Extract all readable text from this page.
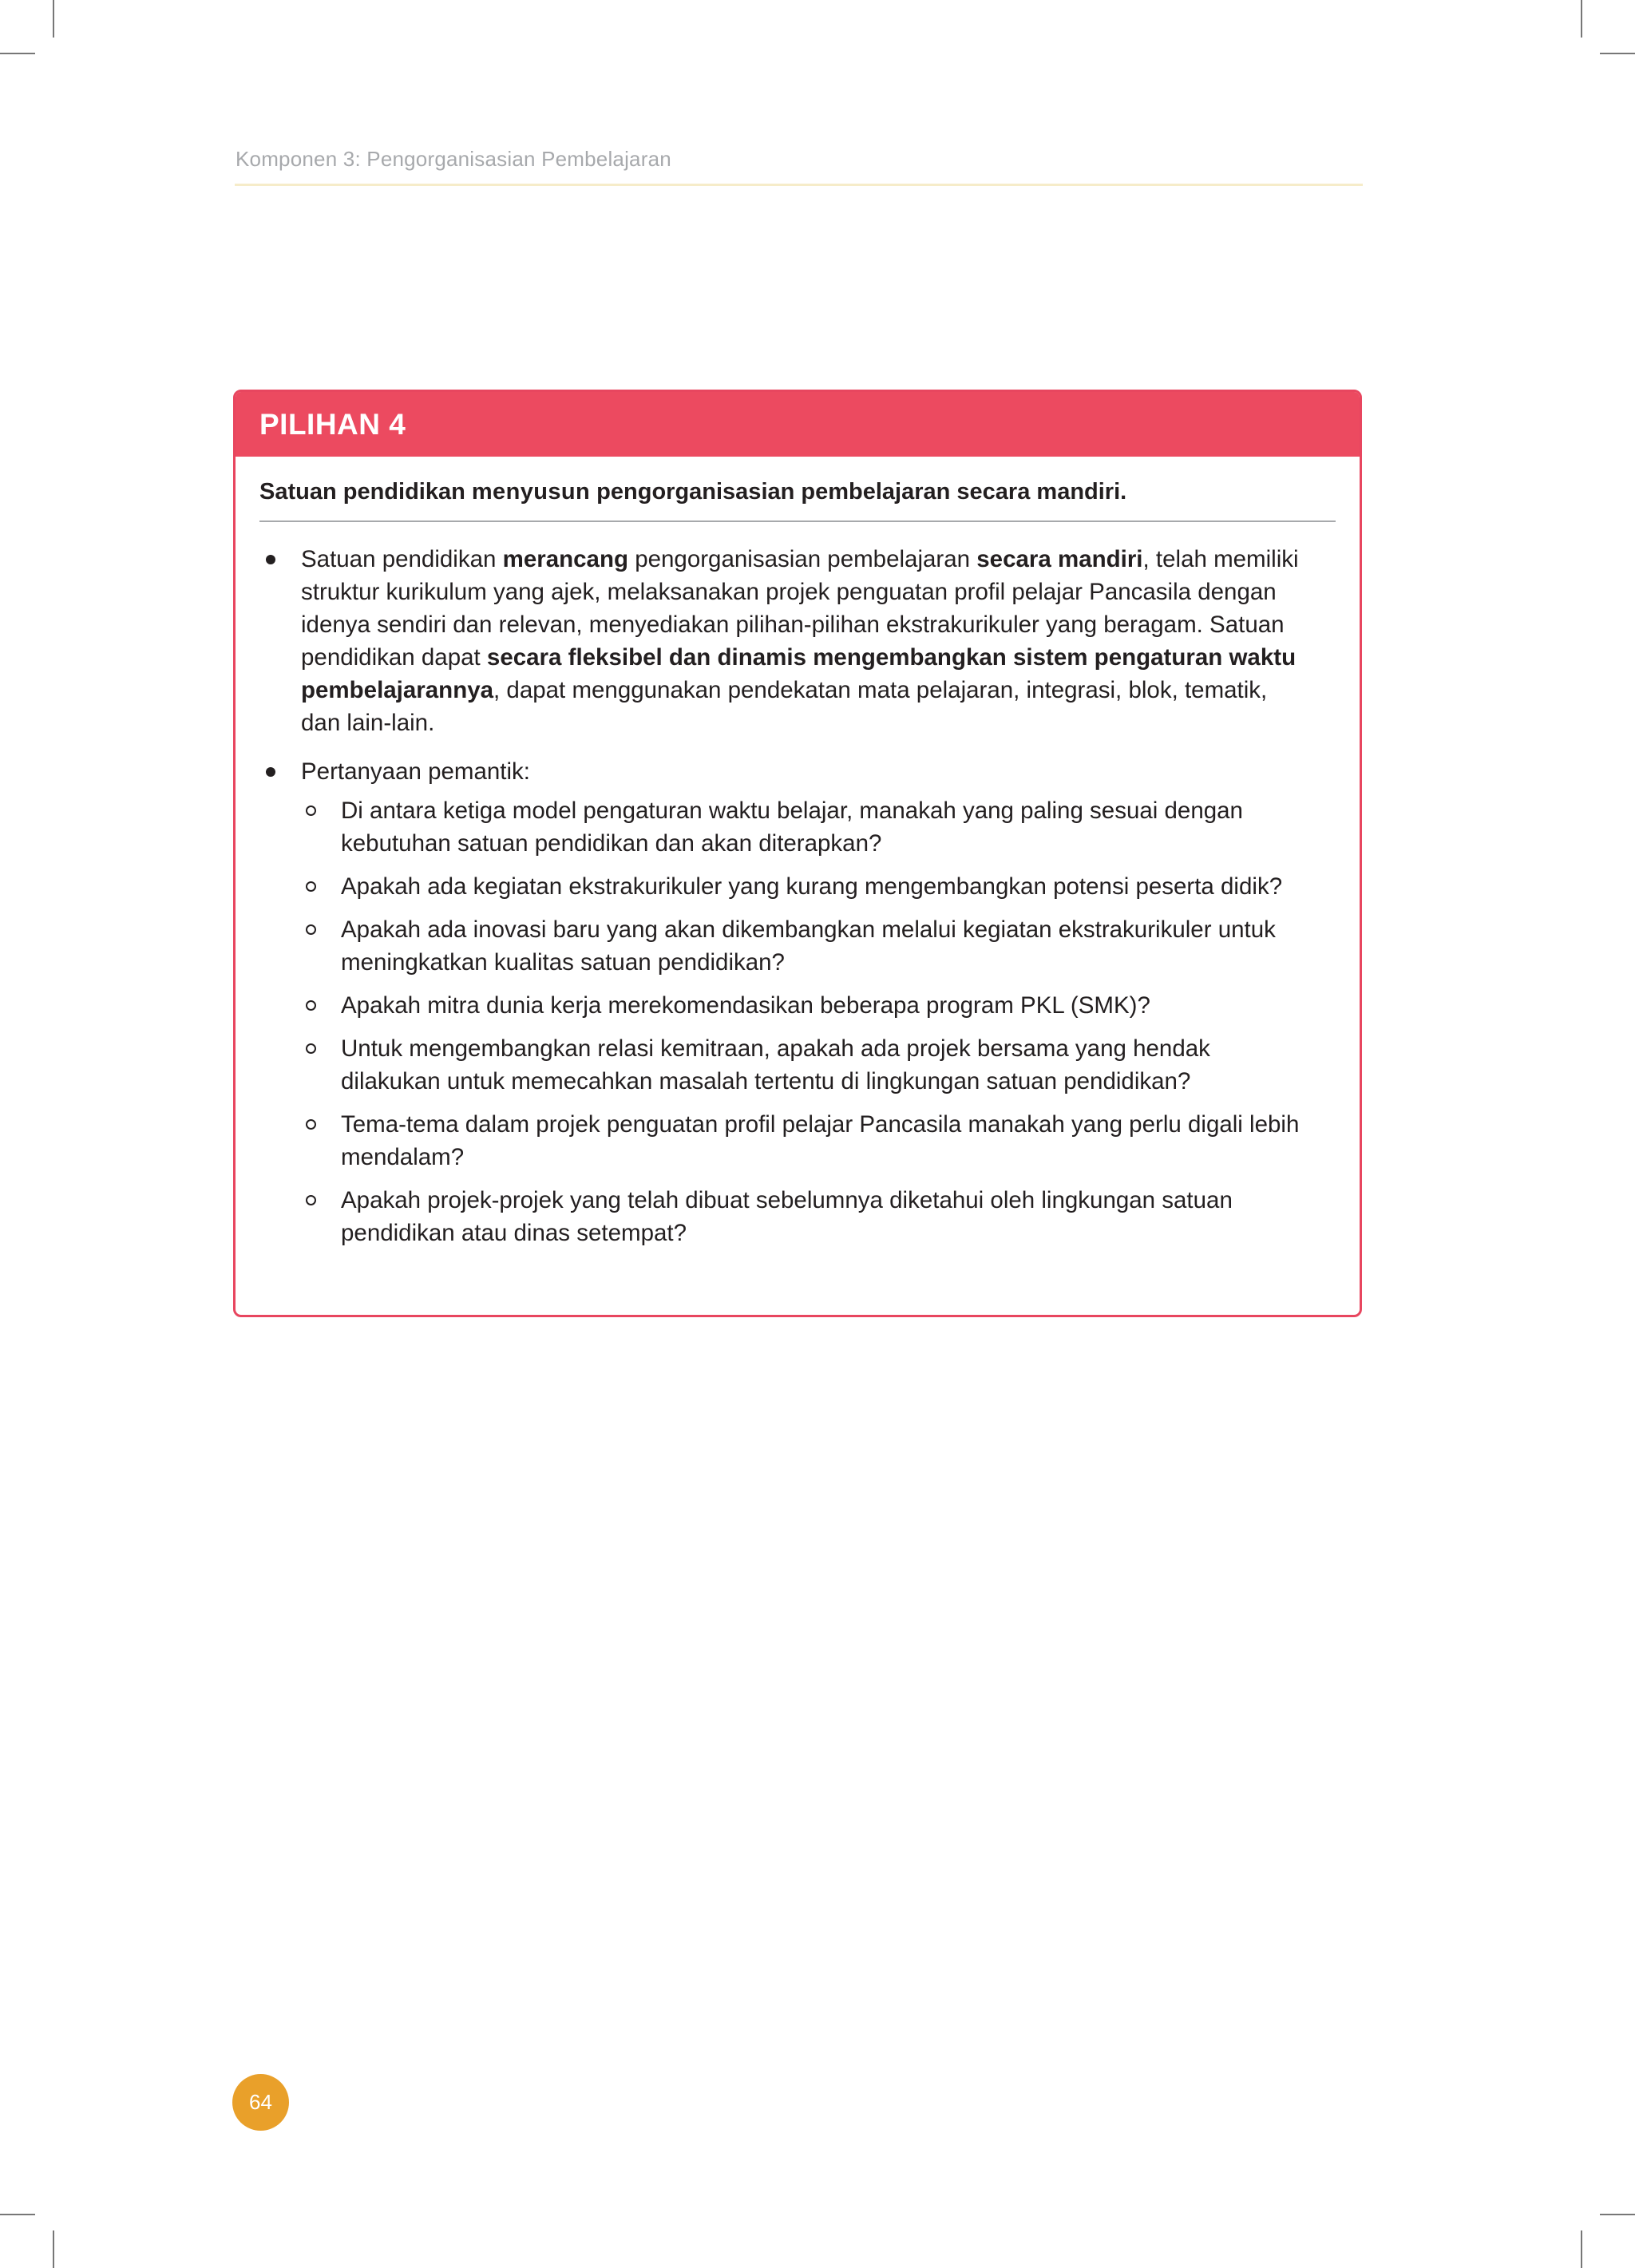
Komponen 3: Pengorganisasian Pembelajaran
PILIHAN 4
Satuan pendidikan menyusun pengorganisasian pembelajaran secara mandiri.
Satuan pendidikan merancang pengorganisasian pembelajaran secara mandiri, telah memiliki struktur kurikulum yang ajek, melaksanakan projek penguatan profil pelajar Pancasila dengan idenya sendiri dan relevan, menyediakan pilihan-pilihan ekstrakurikuler yang beragam. Satuan pendidikan dapat secara fleksibel dan dinamis mengembangkan sistem pengaturan waktu pembelajarannya, dapat menggunakan pendekatan mata pelajaran, integrasi, blok, tematik, dan lain-lain.
Pertanyaan pemantik:
Di antara ketiga model pengaturan waktu belajar, manakah yang paling sesuai dengan kebutuhan satuan pendidikan dan akan diterapkan?
Apakah ada kegiatan ekstrakurikuler yang kurang mengembangkan potensi peserta didik?
Apakah ada inovasi baru yang akan dikembangkan melalui kegiatan ekstrakurikuler untuk meningkatkan kualitas satuan pendidikan?
Apakah mitra dunia kerja merekomendasikan beberapa program PKL (SMK)?
Untuk mengembangkan relasi kemitraan, apakah ada projek bersama yang hendak dilakukan untuk memecahkan masalah tertentu di lingkungan satuan pendidikan?
Tema-tema dalam projek penguatan profil pelajar Pancasila manakah yang perlu digali lebih mendalam?
Apakah projek-projek yang telah dibuat sebelumnya diketahui oleh lingkungan satuan pendidikan atau dinas setempat?
64
